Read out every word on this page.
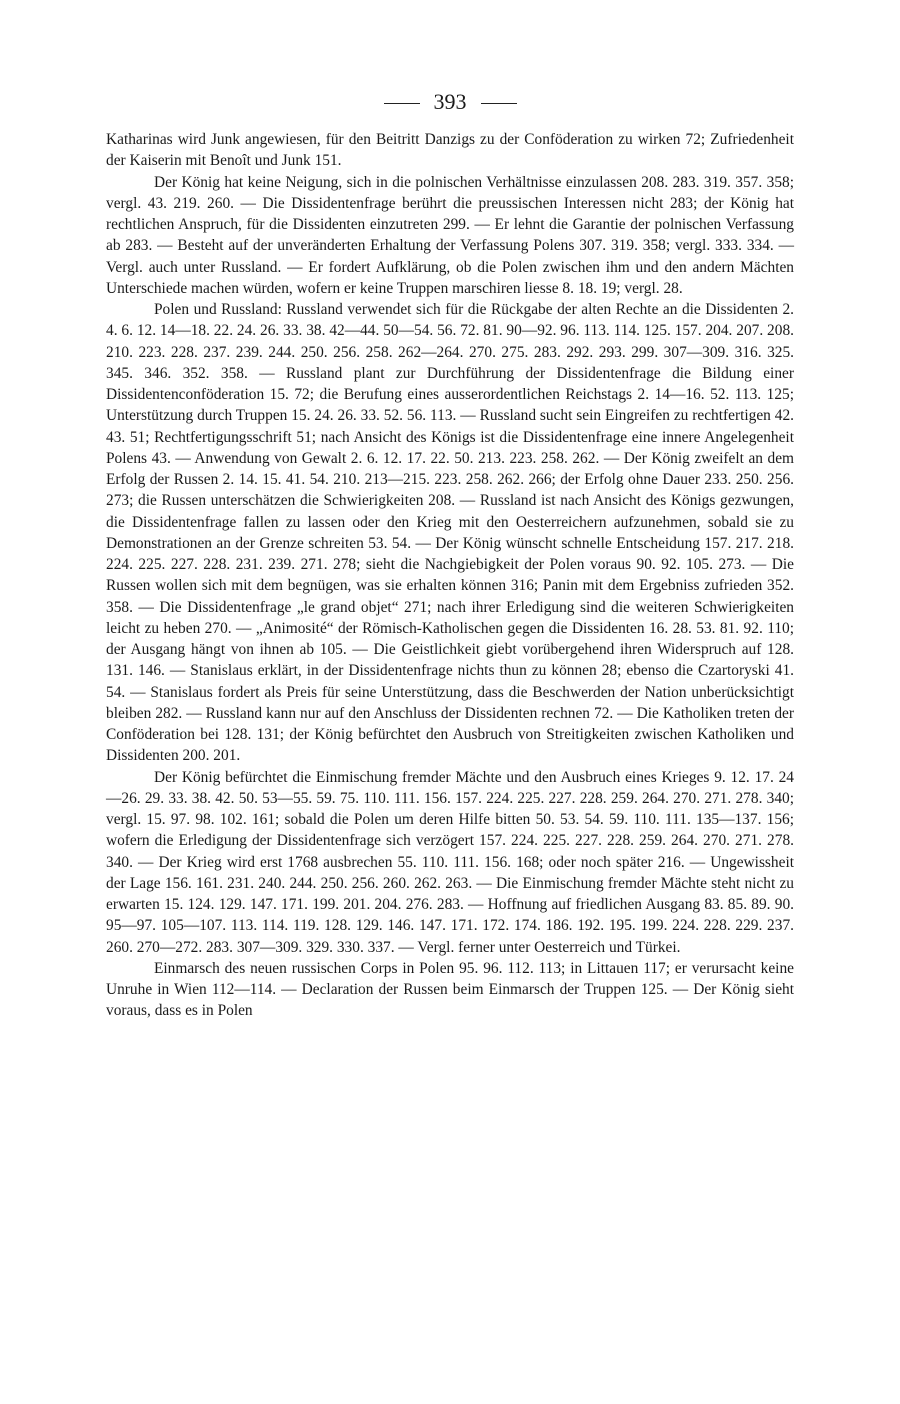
393

Katharinas wird Junk angewiesen, für den Beitritt Danzigs zu der Conföderation zu wirken 72; Zufriedenheit der Kaiserin mit Benoît und Junk 151.

Der König hat keine Neigung, sich in die polnischen Verhältnisse einzulassen 208. 283. 319. 357. 358; vergl. 43. 219. 260. — Die Dissidentenfrage berührt die preussischen Interessen nicht 283; der König hat rechtlichen Anspruch, für die Dissidenten einzutreten 299. — Er lehnt die Garantie der polnischen Verfassung ab 283. — Besteht auf der unveränderten Erhaltung der Verfassung Polens 307. 319. 358; vergl. 333. 334. — Vergl. auch unter Russland. — Er fordert Aufklärung, ob die Polen zwischen ihm und den andern Mächten Unterschiede machen würden, wofern er keine Truppen marschiren liesse 8. 18. 19; vergl. 28.

Polen und Russland: Russland verwendet sich für die Rückgabe der alten Rechte an die Dissidenten 2. 4. 6. 12. 14—18. 22. 24. 26. 33. 38. 42—44. 50—54. 56. 72. 81. 90—92. 96. 113. 114. 125. 157. 204. 207. 208. 210. 223. 228. 237. 239. 244. 250. 256. 258. 262—264. 270. 275. 283. 292. 293. 299. 307—309. 316. 325. 345. 346. 352. 358. — Russland plant zur Durchführung der Dissidentenfrage die Bildung einer Dissidentenconföderation 15. 72; die Berufung eines ausserordentlichen Reichstags 2. 14—16. 52. 113. 125; Unterstützung durch Truppen 15. 24. 26. 33. 52. 56. 113. — Russland sucht sein Eingreifen zu rechtfertigen 42. 43. 51; Rechtfertigungsschrift 51; nach Ansicht des Königs ist die Dissidentenfrage eine innere Angelegenheit Polens 43. — Anwendung von Gewalt 2. 6. 12. 17. 22. 50. 213. 223. 258. 262. — Der König zweifelt an dem Erfolg der Russen 2. 14. 15. 41. 54. 210. 213—215. 223. 258. 262. 266; der Erfolg ohne Dauer 233. 250. 256. 273; die Russen unterschätzen die Schwierigkeiten 208. — Russland ist nach Ansicht des Königs gezwungen, die Dissidentenfrage fallen zu lassen oder den Krieg mit den Oesterreichern aufzunehmen, sobald sie zu Demonstrationen an der Grenze schreiten 53. 54. — Der König wünscht schnelle Entscheidung 157. 217. 218. 224. 225. 227. 228. 231. 239. 271. 278; sieht die Nachgiebigkeit der Polen voraus 90. 92. 105. 273. — Die Russen wollen sich mit dem begnügen, was sie erhalten können 316; Panin mit dem Ergebniss zufrieden 352. 358. — Die Dissidentenfrage „le grand objet“ 271; nach ihrer Erledigung sind die weiteren Schwierigkeiten leicht zu heben 270. — „Animosité“ der Römisch-Katholischen gegen die Dissidenten 16. 28. 53. 81. 92. 110; der Ausgang hängt von ihnen ab 105. — Die Geistlichkeit giebt vorübergehend ihren Widerspruch auf 128. 131. 146. — Stanislaus erklärt, in der Dissidentenfrage nichts thun zu können 28; ebenso die Czartoryski 41. 54. — Stanislaus fordert als Preis für seine Unterstützung, dass die Beschwerden der Nation unberücksichtigt bleiben 282. — Russland kann nur auf den Anschluss der Dissidenten rechnen 72. — Die Katholiken treten der Conföderation bei 128. 131; der König befürchtet den Ausbruch von Streitigkeiten zwischen Katholiken und Dissidenten 200. 201.

Der König befürchtet die Einmischung fremder Mächte und den Ausbruch eines Krieges 9. 12. 17. 24—26. 29. 33. 38. 42. 50. 53—55. 59. 75. 110. 111. 156. 157. 224. 225. 227. 228. 259. 264. 270. 271. 278. 340; vergl. 15. 97. 98. 102. 161; sobald die Polen um deren Hilfe bitten 50. 53. 54. 59. 110. 111. 135—137. 156; wofern die Erledigung der Dissidentenfrage sich verzögert 157. 224. 225. 227. 228. 259. 264. 270. 271. 278. 340. — Der Krieg wird erst 1768 ausbrechen 55. 110. 111. 156. 168; oder noch später 216. — Ungewissheit der Lage 156. 161. 231. 240. 244. 250. 256. 260. 262. 263. — Die Einmischung fremder Mächte steht nicht zu erwarten 15. 124. 129. 147. 171. 199. 201. 204. 276. 283. — Hoffnung auf friedlichen Ausgang 83. 85. 89. 90. 95—97. 105—107. 113. 114. 119. 128. 129. 146. 147. 171. 172. 174. 186. 192. 195. 199. 224. 228. 229. 237. 260. 270—272. 283. 307—309. 329. 330. 337. — Vergl. ferner unter Oesterreich und Türkei.

Einmarsch des neuen russischen Corps in Polen 95. 96. 112. 113; in Littauen 117; er verursacht keine Unruhe in Wien 112—114. — Declaration der Russen beim Einmarsch der Truppen 125. — Der König sieht voraus, dass es in Polen
